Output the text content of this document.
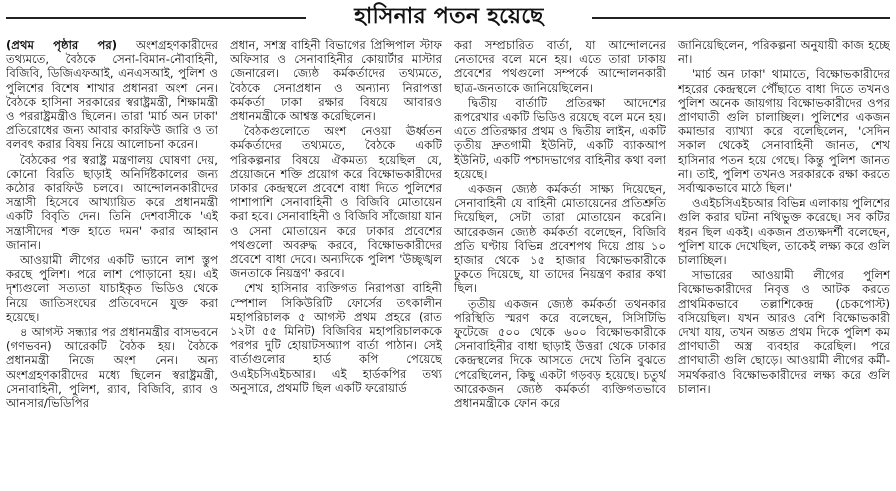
হাসিনার পতন হয়েছে

(প্রথম পৃষ্ঠার পর) অংশগ্রহণকারীদের তথ্যমতে, বৈঠকে সেনা-বিমান-নৌবাহিনী, বিজিবি, ডিজিএফআই, এনএসআই, পুলিশ ও পুলিশের বিশেষ শাখার প্রধানরা অংশ নেন। বৈঠকে হাসিনা সরকারের স্বরাষ্ট্রমন্ত্রী, শিক্ষামন্ত্রী ও পররাষ্ট্রমন্ত্রীও ছিলেন। তারা 'মার্চ অন ঢাকা' প্রতিরোধের জন্য আবার কারফিউ জারি ও তা বলবৎ করার বিষয় নিয়ে আলোচনা করেন।

বৈঠকের পর স্বরাষ্ট্র মন্ত্রণালয় ঘোষণা দেয়, কোনো বিরতি ছাড়াই অনির্দিষ্টকালের জন্য কঠোর কারফিউ চলবে। আন্দোলনকারীদের সন্ত্রাসী হিসেবে আখ্যায়িত করে প্রধানমন্ত্রী একটি বিবৃতি দেন। তিনি দেশবাসীকে 'এই সন্ত্রাসীদের শক্ত হাতে দমন' করার আহ্বান জানান।

আওয়ামী লীগের একটি ভ্যানে লাশ স্তুপ করছে পুলিশ। পরে লাশ পোড়ানো হয়। এই দৃশ্যগুলো সত্যতা যাচাইকৃত ভিডিও থেকে নিয়ে জাতিসংঘের প্রতিবেদনে যুক্ত করা হয়েছে।

৪ আগস্ট সন্ধ্যার পর প্রধানমন্ত্রীর বাসভবনে (গণভবন) আরেকটি বৈঠক হয়। বৈঠকে প্রধানমন্ত্রী নিজে অংশ নেন। অন্য অংশগ্রহণকারীদের মধ্যে ছিলেন স্বরাষ্ট্রমন্ত্রী, সেনাবাহিনী, পুলিশ, র‌্যাব, বিজিবি, র‌্যাব ও আনসার/ভিডিপির

প্রধান, সশস্ত্র বাহিনী বিভাগের প্রিন্সিপাল স্টাফ অফিসার ও সেনাবাহিনীর কোয়ার্টার মাস্টার জেনারেল। জ্যেষ্ঠ কর্মকর্তাদের তথ্যমতে, বৈঠকে সেনাপ্রধান ও অন্যান্য নিরাপত্তা কর্মকর্তা ঢাকা রক্ষার বিষয়ে আবারও প্রধানমন্ত্রীকে আশ্বস্ত করেছিলেন।

বৈঠকগুলোতে অংশ নেওয়া ঊর্ধ্বতন কর্মকর্তাদের তথ্যমতে, বৈঠকে একটি পরিকল্পনার বিষয়ে ঐকমত্য হয়েছিল যে, প্রয়োজনে শক্তি প্রয়োগ করে বিক্ষোভকারীদের ঢাকার কেন্দ্রস্থলে প্রবেশে বাধা দিতে পুলিশের পাশাপাশি সেনাবাহিনী ও বিজিবি মোতায়েন করা হবে। সেনাবাহিনী ও বিজিবি সাঁজোয়া যান ও সেনা মোতায়েন করে ঢাকার প্রবেশের পথগুলো অবরুদ্ধ করবে, বিক্ষোভকারীদের প্রবেশে বাধা দেবে। অন্যদিকে পুলিশ 'উচ্ছৃঙ্খল জনতাকে নিয়ন্ত্রণ' করবে।

শেখ হাসিনার ব্যক্তিগত নিরাপত্তা বাহিনী স্পেশাল সিকিউরিটি ফোর্সের তৎকালীন মহাপরিচালক ৫ আগস্ট প্রথম প্রহরে (রাত ১২টা ৫৫ মিনিট) বিজিবির মহাপরিচালককে পরপর দুটি হোয়াটসঅ্যাপ বার্তা পাঠান। সেই বার্তাগুলোর হার্ড কপি পেয়েছে ওএইচসিএইচআর। এই হার্ডকপির তথ্য অনুসারে, প্রথমটি ছিল একটি ফরোয়ার্ড

করা সম্প্রচারিত বার্তা, যা আন্দোলনের নেতাদের বলে মনে হয়। এতে তারা ঢাকায় প্রবেশের পথগুলো সম্পর্কে আন্দোলনকারী ছাত্র-জনতাকে জানিয়েছিলেন।

দ্বিতীয় বার্তাটি প্রতিরক্ষা আদেশের রূপরেখার একটি ভিডিও রয়েছে বলে মনে হয়। এতে প্রতিরক্ষার প্রথম ও দ্বিতীয় লাইন, একটি তৃতীয় দ্রুতগামী ইউনিট, একটি ব্যাকআপ ইউনিট, একটি পশ্চাদভাগের বাহিনীর কথা বলা হয়েছে।

একজন জ্যেষ্ঠ কর্মকর্তা সাক্ষ্য দিয়েছেন, সেনাবাহিনী যে বাহিনী মোতায়েনের প্রতিশ্রুতি দিয়েছিল, সেটা তারা মোতায়েন করেনি। আরেকজন জ্যেষ্ঠ কর্মকর্তা বলেছেন, বিজিবি প্রতি ঘণ্টায় বিভিন্ন প্রবেশপথ দিয়ে প্রায় ১০ হাজার থেকে ১৫ হাজার বিক্ষোভকারীকে ঢুকতে দিয়েছে, যা তাদের নিয়ন্ত্রণ করার কথা ছিল।

তৃতীয় একজন জ্যেষ্ঠ কর্মকর্তা তথনকার পরিস্থিতি স্মরণ করে বলেছেন, সিসিটিভি ফুটেজে ৫০০ থেকে ৬০০ বিক্ষোভকারীকে সেনাবাহিনীর বাধা ছাড়াই উত্তরা থেকে ঢাকার কেন্দ্রস্থলের দিকে আসতে দেখে তিনি বুঝতে পেরেছিলেন, কিছু একটা গড়বড় হয়েছে। চতুর্থ আরেকজন জ্যেষ্ঠ কর্মকর্তা ব্যক্তিগতভাবে প্রধানমন্ত্রীকে ফোন করে

জানিয়েছিলেন, পরিকল্পনা অনুযায়ী কাজ হচ্ছে না।

'মার্চ অন ঢাকা' থামাতে, বিক্ষোভকারীদের শহরের কেন্দ্রস্থলে পৌঁছাতে বাধা দিতে তখনও পুলিশ অনেক জায়গায় বিক্ষোভকারীদের ওপর প্রাণঘাতী গুলি চালাচ্ছিল। পুলিশের একজন কমান্ডার ব্যাখ্যা করে বলেছিলেন, 'সেদিন সকাল থেকেই সেনাবাহিনী জানত, শেখ হাসিনার পতন হয়ে গেছে। কিন্তু পুলিশ জানত না। তাই, পুলিশ তখনও সরকারকে রক্ষা করতে সর্বাত্মকভাবে মাঠে ছিল।'

ওএইচসিএইচআর বিভিন্ন এলাকায় পুলিশের গুলি করার ঘটনা নথিভুক্ত করেছে। সব কটির ধরন ছিল একই। একজন প্রত্যক্ষদর্শী বলেছেন, পুলিশ যাকে দেখেছিল, তাকেই লক্ষ্য করে গুলি চালাচ্ছিল।

সাভারের আওয়ামী লীগের পুলিশ বিক্ষোভকারীদের নিবৃত্ত ও আটক করতে প্রাথমিকভাবে তল্লাশিকেন্দ্র (চেকপোস্ট) বসিয়েছিল। যখন আরও বেশি বিক্ষোভকারী দেখা যায়, তখন অন্তত প্রথম দিকে পুলিশ কম প্রাণঘাতী অস্ত্র ব্যবহার করেছিল। পরে প্রাণঘাতী গুলি ছোড়ে। আওয়ামী লীগের কর্মী-সমর্থকরাও বিক্ষোভকারীদের লক্ষ্য করে গুলি চালান।
